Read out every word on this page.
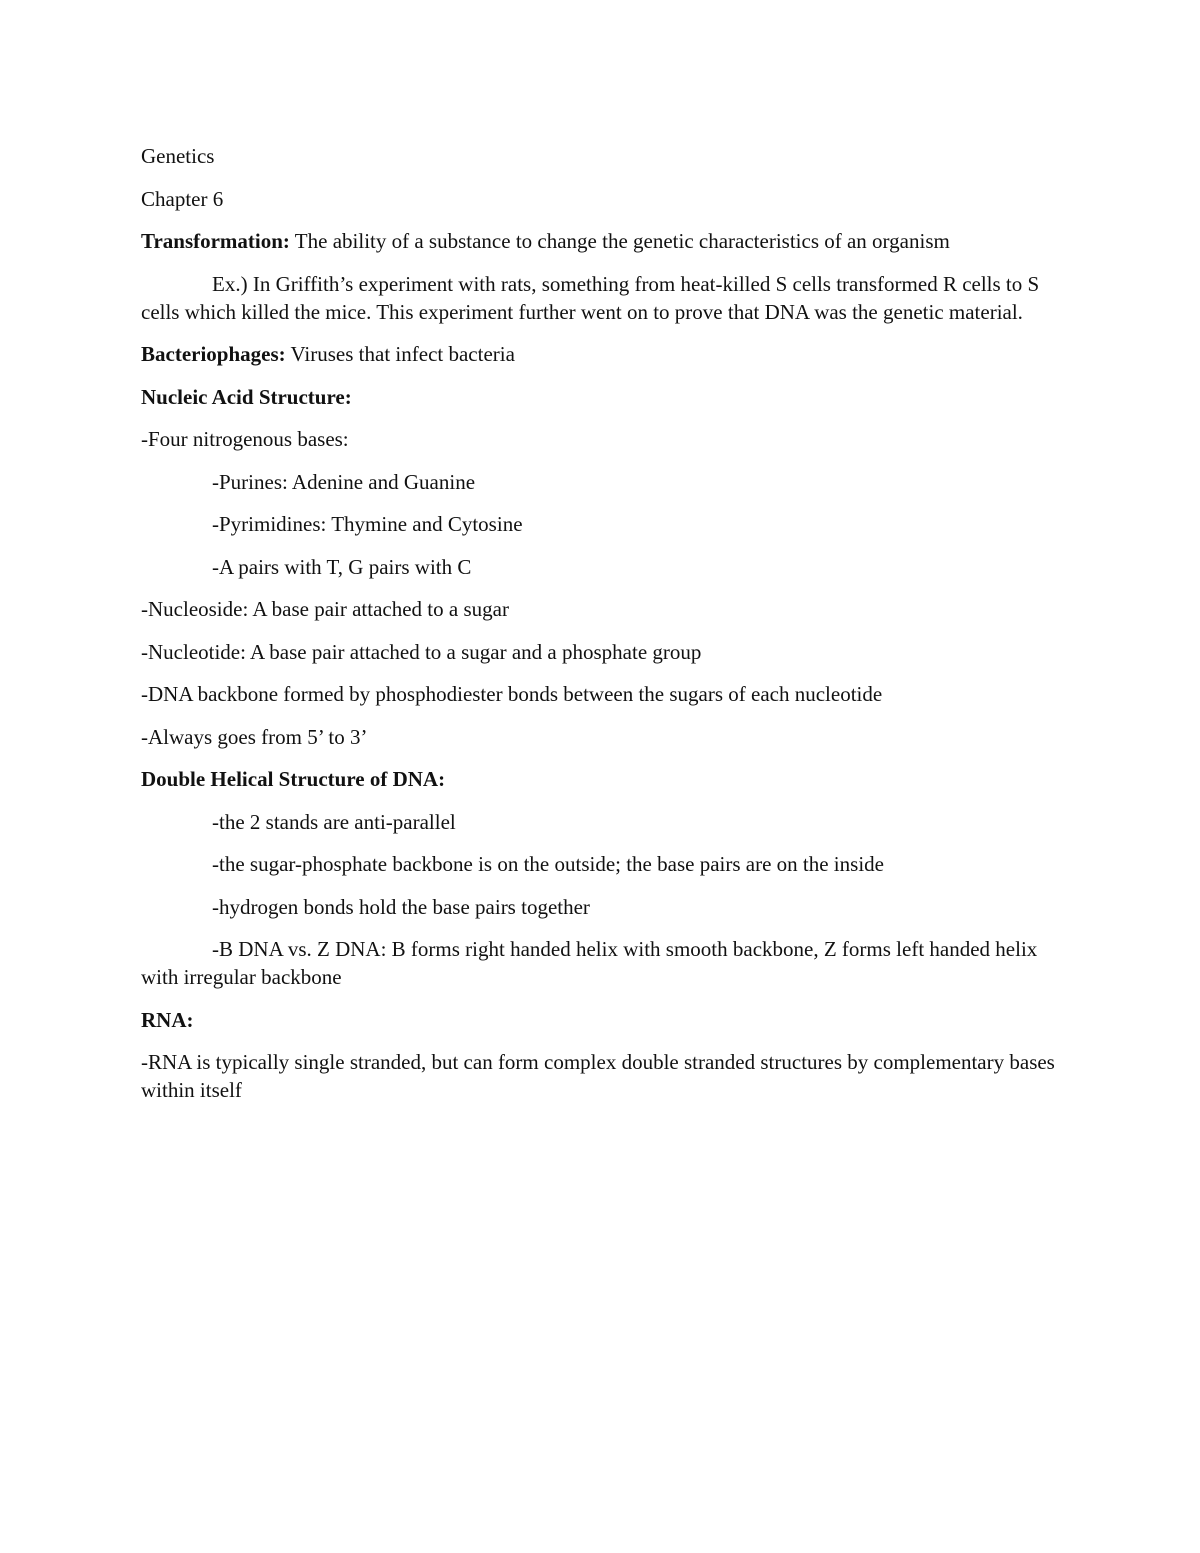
Genetics

Chapter 6

Transformation: The ability of a substance to change the genetic characteristics of an organism

Ex.) In Griffith’s experiment with rats, something from heat-killed S cells transformed R cells to S cells which killed the mice. This experiment further went on to prove that DNA was the genetic material.

Bacteriophages: Viruses that infect bacteria

Nucleic Acid Structure:

-Four nitrogenous bases:

-Purines: Adenine and Guanine

-Pyrimidines: Thymine and Cytosine

-A pairs with T, G pairs with C

-Nucleoside: A base pair attached to a sugar

-Nucleotide: A base pair attached to a sugar and a phosphate group

-DNA backbone formed by phosphodiester bonds between the sugars of each nucleotide

-Always goes from 5’ to 3’

Double Helical Structure of DNA:

-the 2 stands are anti-parallel

-the sugar-phosphate backbone is on the outside; the base pairs are on the inside

-hydrogen bonds hold the base pairs together

-B DNA vs. Z DNA: B forms right handed helix with smooth backbone, Z forms left handed helix with irregular backbone

RNA:

-RNA is typically single stranded, but can form complex double stranded structures by complementary bases within itself
